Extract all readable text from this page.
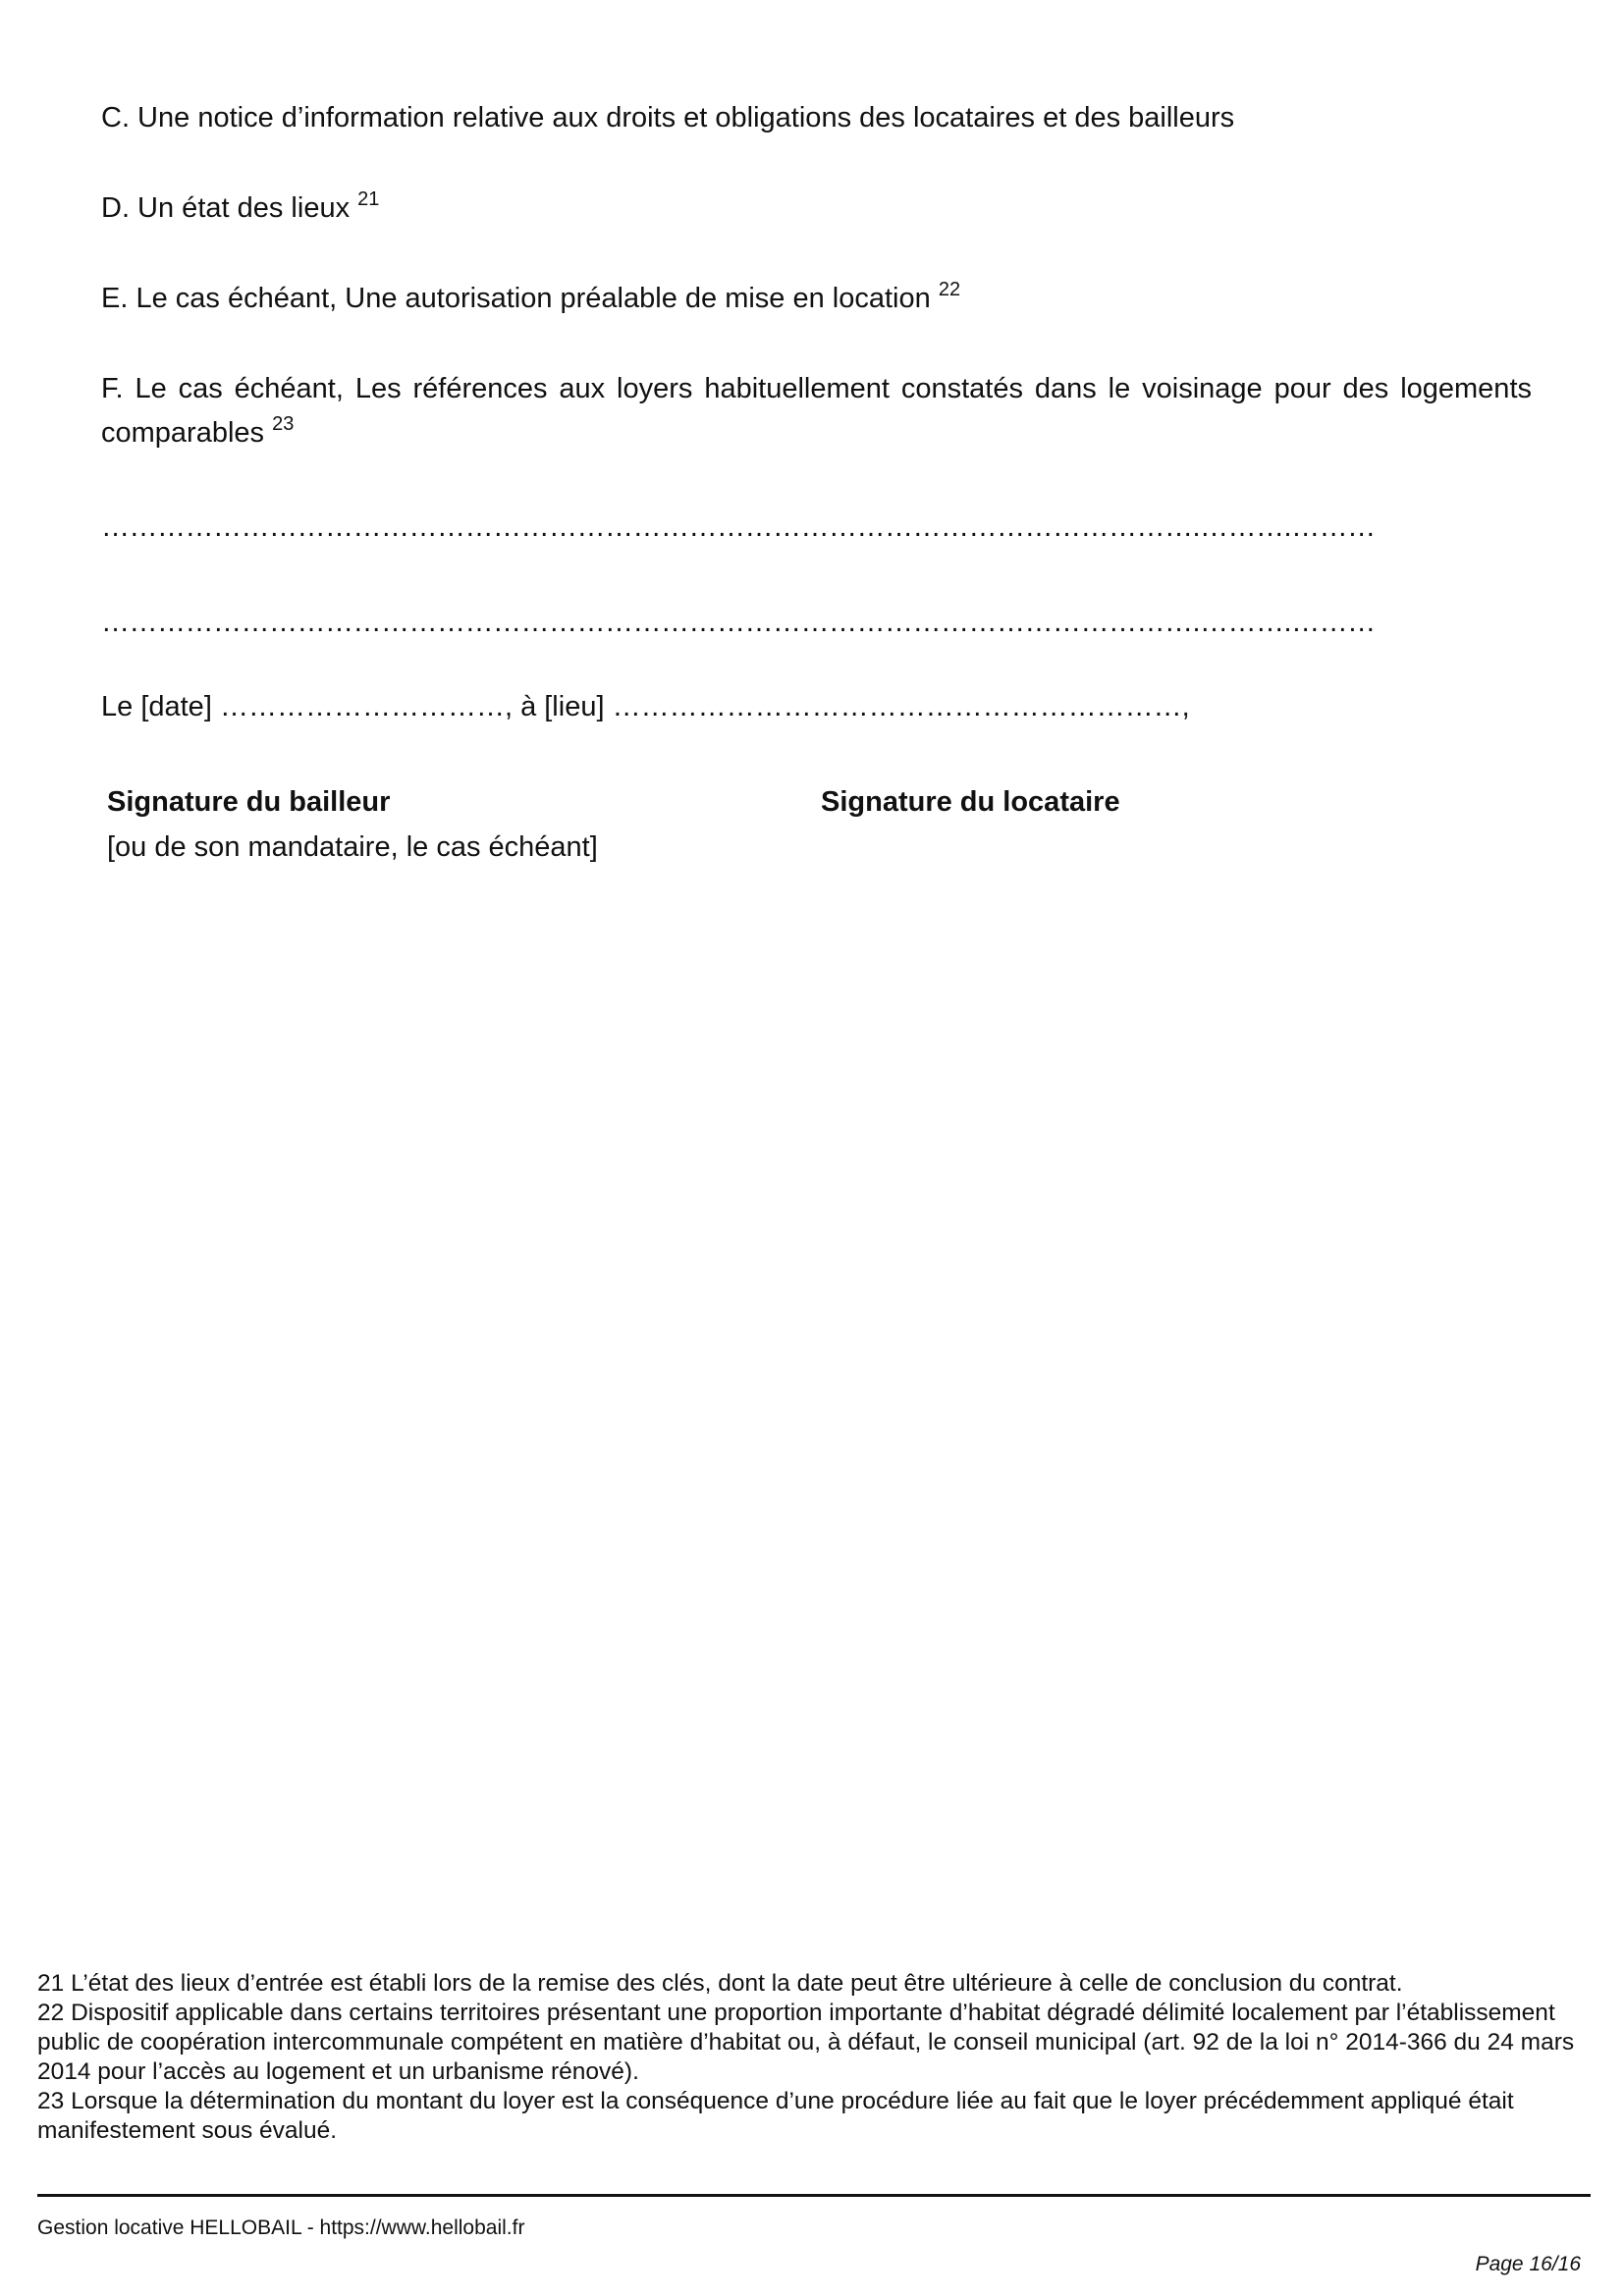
C. Une notice d’information relative aux droits et obligations des locataires et des bailleurs
D. Un état des lieux $^{21}$
E. Le cas échéant, Une autorisation préalable de mise en location $^{22}$
F. Le cas échéant, Les références aux loyers habituellement constatés dans le voisinage pour des logements comparables $^{23}$
……………………………………………………………………………………………………….……….………
……………………………………………………………………………………………………….……….………
Le [date] …………………………, à [lieu] ……………………………………………………,
Signature du bailleur
[ou de son mandataire, le cas échéant]
Signature du locataire

21 L’état des lieux d’entrée est établi lors de la remise des clés, dont la date peut être ultérieure à celle de conclusion du contrat.

22 Dispositif applicable dans certains territoires présentant une proportion importante d’habitat dégradé délimité localement par l’établissement public de coopération intercommunale compétent en matière d’habitat ou, à défaut, le conseil municipal (art. 92 de la loi n° 2014-366 du 24 mars 2014 pour l’accès au logement et un urbanisme rénové).

23 Lorsque la détermination du montant du loyer est la conséquence d’une procédure liée au fait que le loyer précédemment appliqué était manifestement sous évalué.

Gestion locative HELLOBAIL - https://www.hellobail.fr
Page 16/16
